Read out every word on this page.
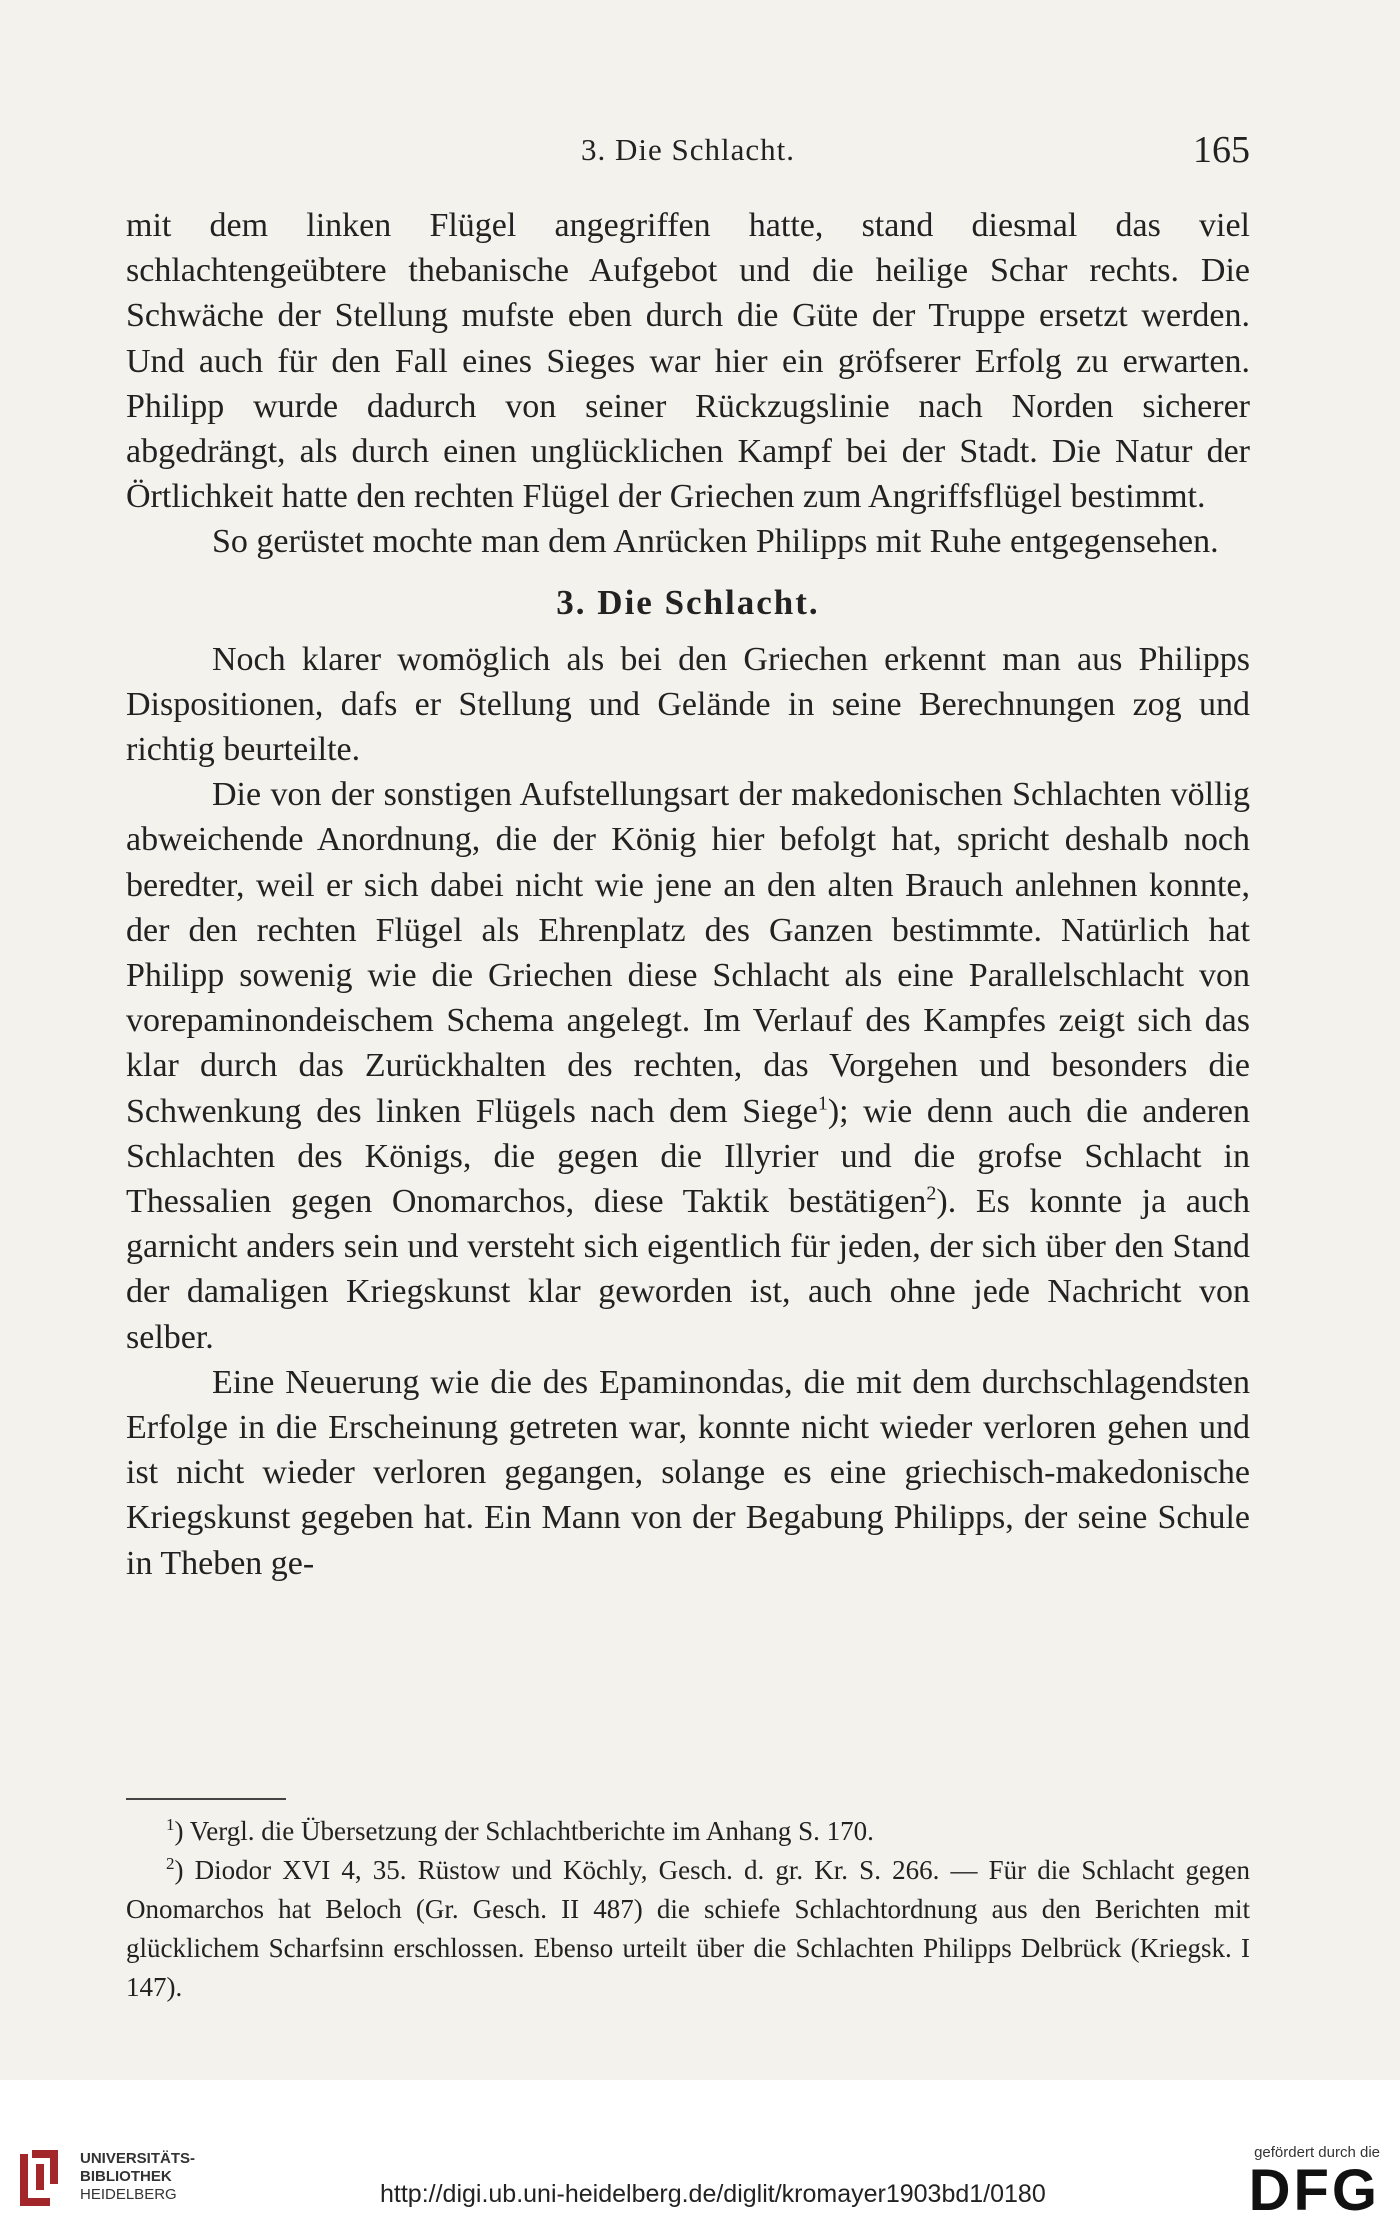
3. Die Schlacht.	165

mit dem linken Flügel angegriffen hatte, stand diesmal das viel schlachtengeübtere thebanische Aufgebot und die heilige Schar rechts. Die Schwäche der Stellung mufste eben durch die Güte der Truppe ersetzt werden. Und auch für den Fall eines Sieges war hier ein gröfserer Erfolg zu erwarten. Philipp wurde dadurch von seiner Rückzugslinie nach Norden sicherer abgedrängt, als durch einen unglücklichen Kampf bei der Stadt. Die Natur der Örtlichkeit hatte den rechten Flügel der Griechen zum Angriffsflügel bestimmt.

So gerüstet mochte man dem Anrücken Philipps mit Ruhe entgegensehen.

3. Die Schlacht.

Noch klarer womöglich als bei den Griechen erkennt man aus Philipps Dispositionen, dafs er Stellung und Gelände in seine Berechnungen zog und richtig beurteilte.

Die von der sonstigen Aufstellungsart der makedonischen Schlachten völlig abweichende Anordnung, die der König hier befolgt hat, spricht deshalb noch beredter, weil er sich dabei nicht wie jene an den alten Brauch anlehnen konnte, der den rechten Flügel als Ehrenplatz des Ganzen bestimmte. Natürlich hat Philipp sowenig wie die Griechen diese Schlacht als eine Parallelschlacht von vorepaminondeischem Schema angelegt. Im Verlauf des Kampfes zeigt sich das klar durch das Zurückhalten des rechten, das Vorgehen und besonders die Schwenkung des linken Flügels nach dem Siege$^1$); wie denn auch die anderen Schlachten des Königs, die gegen die Illyrier und die grofse Schlacht in Thessalien gegen Onomarchos, diese Taktik bestätigen$^2$). Es konnte ja auch garnicht anders sein und versteht sich eigentlich für jeden, der sich über den Stand der damaligen Kriegskunst klar geworden ist, auch ohne jede Nachricht von selber.

Eine Neuerung wie die des Epaminondas, die mit dem durchschlagendsten Erfolge in die Erscheinung getreten war, konnte nicht wieder verloren gehen und ist nicht wieder verloren gegangen, solange es eine griechisch-makedonische Kriegskunst gegeben hat. Ein Mann von der Begabung Philipps, der seine Schule in Theben ge-

$^1$) Vergl. die Übersetzung der Schlachtberichte im Anhang S. 170.

$^2$) Diodor XVI 4, 35. Rüstow und Köchly, Gesch. d. gr. Kr. S. 266. — Für die Schlacht gegen Onomarchos hat Beloch (Gr. Gesch. II 487) die schiefe Schlachtordnung aus den Berichten mit glücklichem Scharfsinn erschlossen. Ebenso urteilt über die Schlachten Philipps Delbrück (Kriegsk. I 147).

UNIVERSITÄTS-
BIBLIOTHEK
HEIDELBERG	http://digi.ub.uni-heidelberg.de/diglit/kromayer1903bd1/0180
gefördert durch die
DFG
